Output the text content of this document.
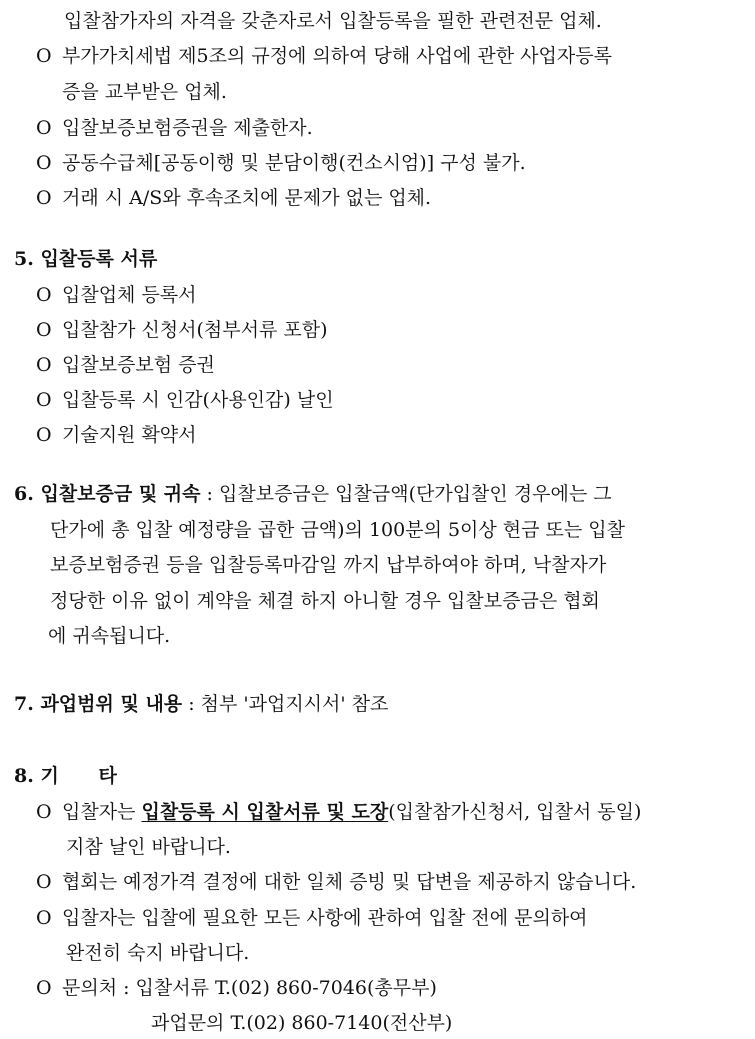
입찰참가자의 자격을 갖춘자로서 입찰등록을 필한 관련전문 업체.
O 부가가치세법 제5조의 규정에 의하여 당해 사업에 관한 사업자등록
증을 교부받은 업체.
O 입찰보증보험증권을 제출한자.
O 공동수급체[공동이행 및 분담이행(컨소시엄)] 구성 불가.
O 거래 시 A/S와 후속조치에 문제가 없는 업체.
5. 입찰등록 서류
O 입찰업체 등록서
O 입찰참가 신청서(첨부서류 포함)
O 입찰보증보험 증권
O 입찰등록 시 인감(사용인감) 날인
O 기술지원 확약서
6. 입찰보증금 및 귀속 : 입찰보증금은 입찰금액(단가입찰인 경우에는 그
단가에 총 입찰 예정량을 곱한 금액)의 100분의 5이상 현금 또는 입찰
보증보험증권 등을 입찰등록마감일 까지 납부하여야 하며, 낙찰자가
정당한 이유 없이 계약을 체결 하지 아니할 경우 입찰보증금은 협회
에 귀속됩니다.
7. 과업범위 및 내용 : 첨부 '과업지시서' 참조
8. 기      타
O 입찰자는 입찰등록 시 입찰서류 및 도장(입찰참가신청서, 입찰서 동일)
지참 날인 바랍니다.
O 협회는 예정가격 결정에 대한 일체 증빙 및 답변을 제공하지 않습니다.
O 입찰자는 입찰에 필요한 모든 사항에 관하여 입찰 전에 문의하여
완전히 숙지 바랍니다.
O 문의처 : 입찰서류 T.(02) 860-7046(총무부)
과업문의 T.(02) 860-7140(전산부)
